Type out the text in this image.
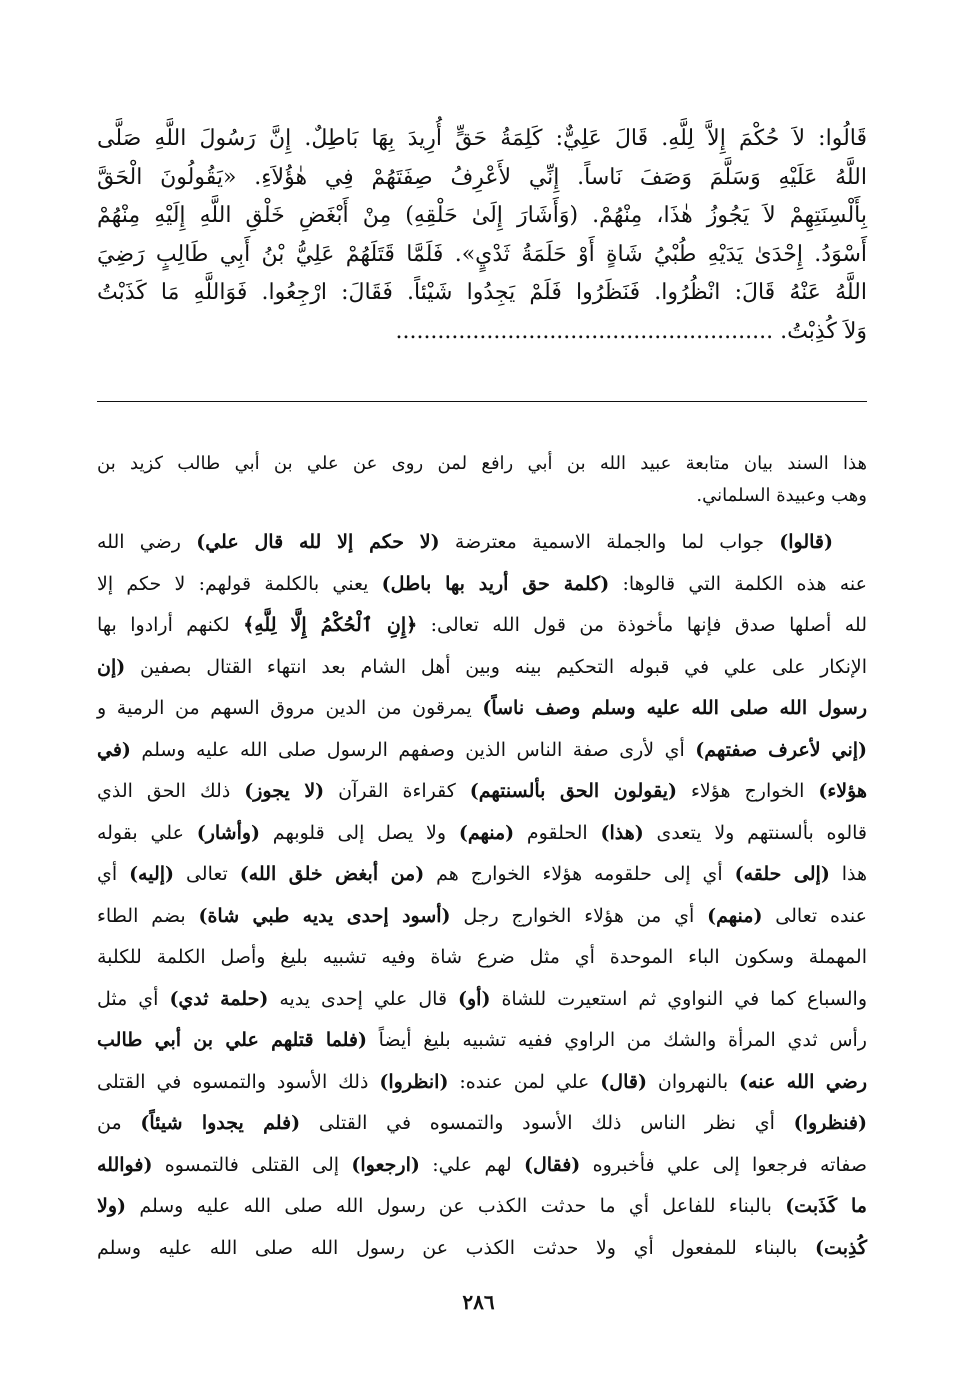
قَالُوا: لاَ حُكْمَ إِلاَّ لِلَّهِ. قَالَ عَلِيٌّ: كَلِمَةُ حَقٍّ أُرِيدَ بِهَا بَاطِلٌ. إِنَّ رَسُولَ اللَّهِ صَلَّى
اللَّهُ عَلَيْهِ وَسَلَّمَ وَصَفَ نَاساً. إِنِّي لأَعْرِفُ صِفَتَهُمْ فِي هٰؤُلاَءِ. «يَقُولُونَ الْحَقَّ
بِأَلْسِنَتِهِمْ لاَ يَجُوزُ هٰذَا، مِنْهُمْ. (وَأَشَارَ إِلَىٰ حَلْقِهِ) مِنْ أَبْغَضِ خَلْقِ اللَّهِ إِلَيْهِ مِنْهُمْ
أَسْوَدُ. إِحْدَىٰ يَدَيْهِ طُبْيُ شَاةٍ أَوْ حَلَمَةُ ثَدْيٍ». فَلَمَّا قَتَلَهُمْ عَلِيُّ بْنُ أَبِي طَالِبٍ رَضِيَ
اللَّهُ عَنْهُ قَالَ: انْظُرُوا. فَنَظَرُوا فَلَمْ يَجِدُوا شَيْئاً. فَقَالَ: ارْجِعُوا. فَوَاللَّهِ مَا كَذَبْتُ
وَلاَ كُذِبْتُ. ......................................................
هذا السند بيان متابعة عبيد الله بن أبي رافع لمن روى عن علي بن أبي طالب كزيد بن
وهب وعبيدة السلماني.
(قالوا) جواب لما والجملة الاسمية معترضة (لا حكم إلا لله قال علي) رضي الله
عنه هذه الكلمة التي قالوها: (كلمة حق أريد بها باطل) يعني بالكلمة قولهم: لا حكم إلا
لله أصلها صدق فإنها مأخوذة من قول الله تعالى: ﴿إِنِ ٱلْحُكْمُ إِلَّا لِلَّهِ﴾ لكنهم أرادوا بها
الإنكار على علي في قبوله التحكيم بينه وبين أهل الشام بعد انتهاء القتال بصفين (إن
رسول الله صلى الله عليه وسلم وصف ناساً) يمرقون من الدين مروق السهم من الرمية و
(إني لأعرف صفتهم) أي لأرى صفة الناس الذين وصفهم الرسول صلى الله عليه وسلم (في
هؤلاء) الخوارج هؤلاء (يقولون الحق بألسنتهم) كقراءة القرآن (لا يجوز) ذلك الحق الذي
قالوه بألسنتهم ولا يتعدى (هذا) الحلقوم (منهم) ولا يصل إلى قلوبهم (وأشار) علي بقوله
هذا (إلى حلقه) أي إلى حلقومه هؤلاء الخوارج هم (من أبغض خلق الله) تعالى (إليه) أي
عنده تعالى (منهم) أي من هؤلاء الخوارج رجل (أسود إحدى يديه طبي شاة) بضم الطاء
المهملة وسكون الباء الموحدة أي مثل ضرع شاة وفيه تشبيه بليغ وأصل الكلمة للكلبة
والسباع كما في النواوي ثم استعيرت للشاة (أو) قال علي إحدى يديه (حلمة ثدي) أي مثل
رأس ثدي المرأة والشك من الراوي ففيه تشبيه بليغ أيضاً (فلما قتلهم علي بن أبي طالب
رضي الله عنه) بالنهروان (قال) علي لمن عنده: (انظروا) ذلك الأسود والتمسوه في القتلى
(فنظروا) أي نظر الناس ذلك الأسود والتمسوه في القتلى (فلم يجدوا شيئاً) من
صفاته فرجعوا إلى علي فأخبروه (فقال) لهم علي: (ارجعوا) إلى القتلى فالتمسوه (فوالله
ما كَذَبت) بالبناء للفاعل أي ما حدثت الكذب عن رسول الله صلى الله عليه وسلم (ولا
كُذِبت) بالبناء للمفعول أي ولا حدثت الكذب عن رسول الله صلى الله عليه وسلم
٢٨٦
